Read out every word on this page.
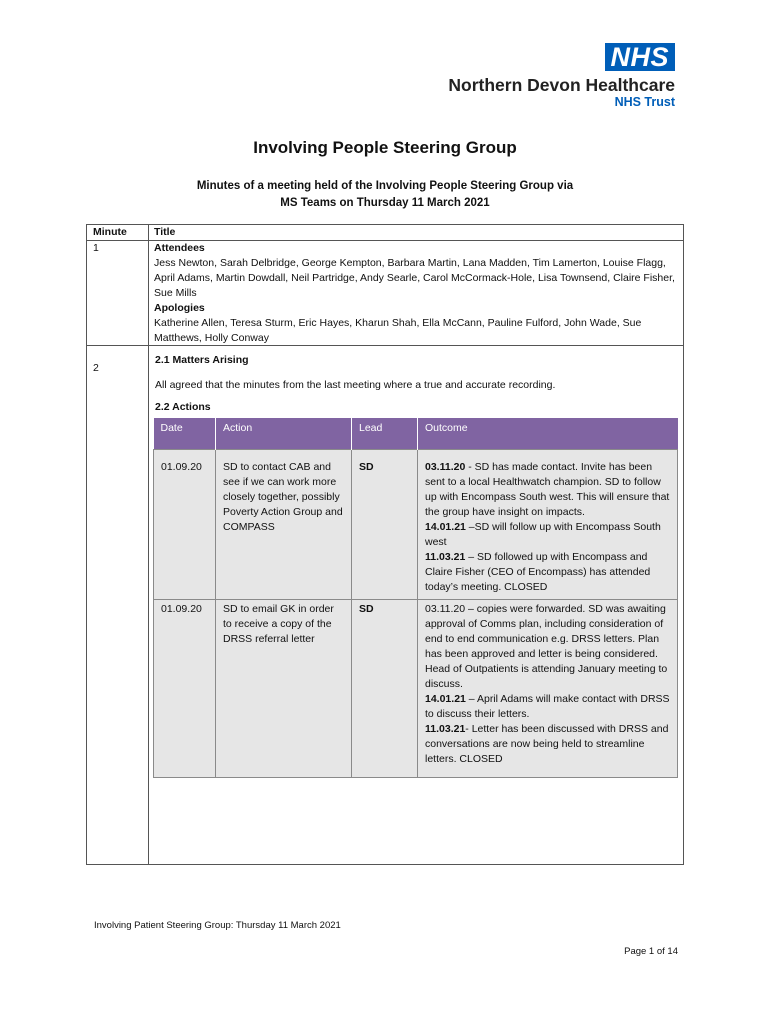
NHS
Northern Devon Healthcare
NHS Trust
Involving People Steering Group
Minutes of a meeting held of the Involving People Steering Group via
MS Teams on Thursday 11 March 2021
Minute	Title
1	Attendees
Jess Newton, Sarah Delbridge, George Kempton, Barbara Martin, Lana Madden, Tim Lamerton, Louise Flagg, April Adams, Martin Dowdall, Neil Partridge, Andy Searle, Carol McCormack-Hole, Lisa Townsend, Claire Fisher, Sue Mills
Apologies
Katherine Allen, Teresa Sturm, Eric Hayes, Kharun Shah, Ella McCann, Pauline Fulford, John Wade, Sue Matthews, Holly Conway
2
2.1 Matters Arising
All agreed that the minutes from the last meeting where a true and accurate recording.
2.2 Actions
Date	Action	Lead	Outcome
01.09.20	SD to contact CAB and see if we can work more closely together, possibly Poverty Action Group and COMPASS	SD	03.11.20 - SD has made contact. Invite has been sent to a local Healthwatch champion. SD to follow up with Encompass South west. This will ensure that the group have insight on impacts.
14.01.21 –SD will follow up with Encompass South west
11.03.21 – SD followed up with Encompass and Claire Fisher (CEO of Encompass) has attended today’s meeting. CLOSED
01.09.20	SD to email GK in order to receive a copy of the DRSS referral letter	SD	03.11.20 – copies were forwarded. SD was awaiting approval of Comms plan, including consideration of end to end communication e.g. DRSS letters. Plan has been approved and letter is being considered. Head of Outpatients is attending January meeting to discuss.
14.01.21 – April Adams will make contact with DRSS to discuss their letters.
11.03.21- Letter has been discussed with DRSS and conversations are now being held to streamline letters. CLOSED
Involving Patient Steering Group: Thursday 11 March 2021
Page 1 of 14
